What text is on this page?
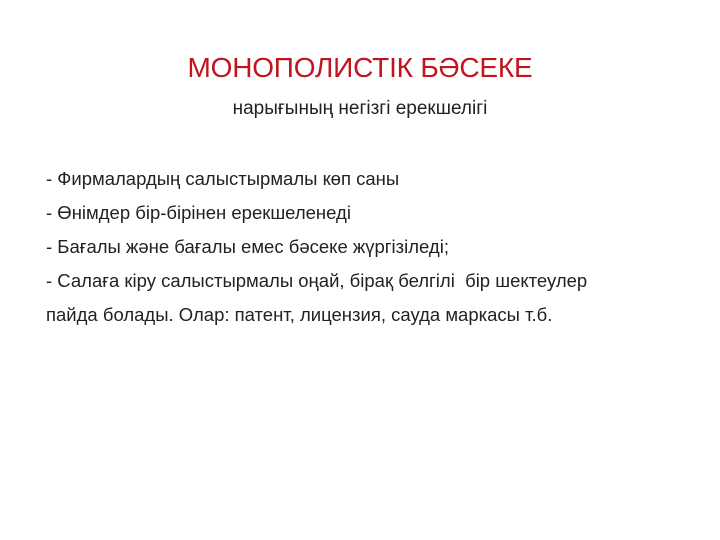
МОНОПОЛИСТІК БӘСЕКЕ
нарығының негізгі ерекшелігі
- Фирмалардың салыстырмалы көп саны
- Өнімдер бір-бірінен ерекшеленеді
- Бағалы және бағалы емес бәсеке жүргізіледі;
- Салаға кіру салыстырмалы оңай, бірақ белгілі  бір шектеулер
пайда болады. Олар: патент, лицензия, сауда маркасы т.б.
